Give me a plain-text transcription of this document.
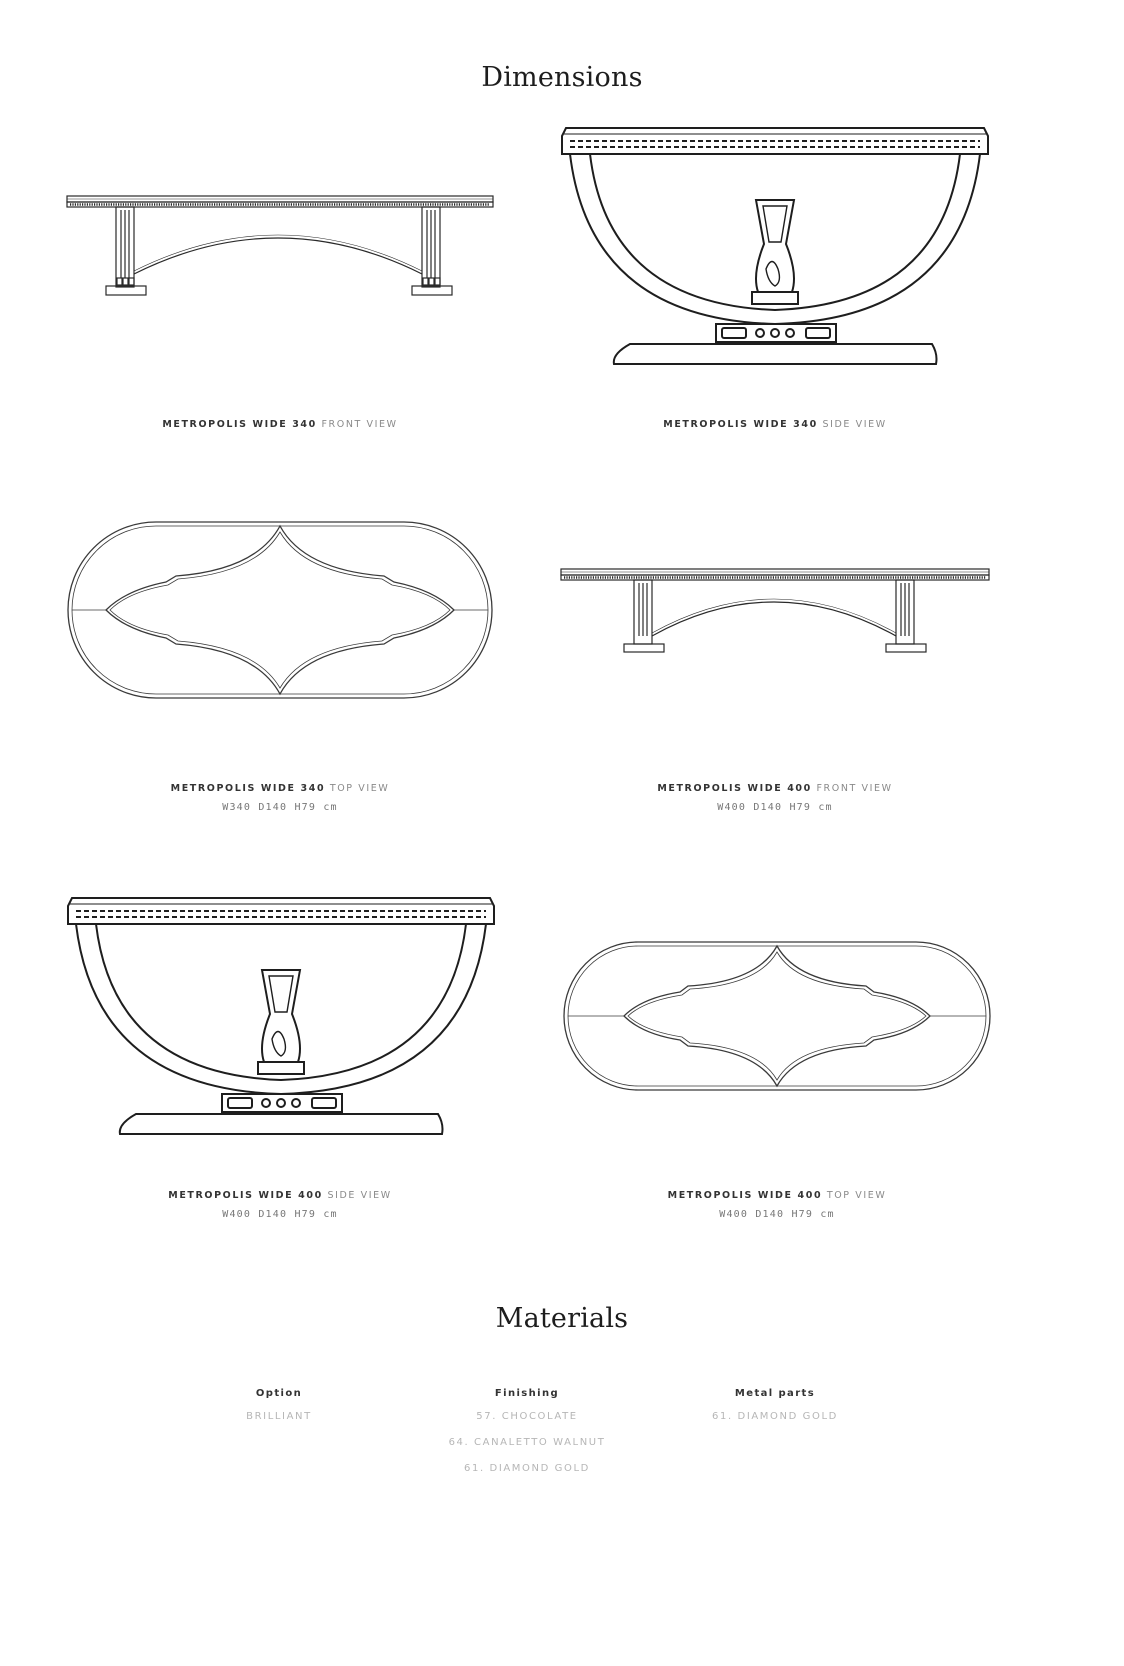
Dimensions
METROPOLIS WIDE 340 FRONT VIEW	METROPOLIS WIDE 340 SIDE VIEW
METROPOLIS WIDE 340 TOP VIEW
W340 D140 H79 cm
METROPOLIS WIDE 400 FRONT VIEW
W400 D140 H79 cm
METROPOLIS WIDE 400 SIDE VIEW
W400 D140 H79 cm
METROPOLIS WIDE 400 TOP VIEW
W400 D140 H79 cm
Materials
Option
BRILLIANT
Finishing
57. CHOCOLATE
64. CANALETTO WALNUT
61. DIAMOND GOLD
Metal parts
61. DIAMOND GOLD
